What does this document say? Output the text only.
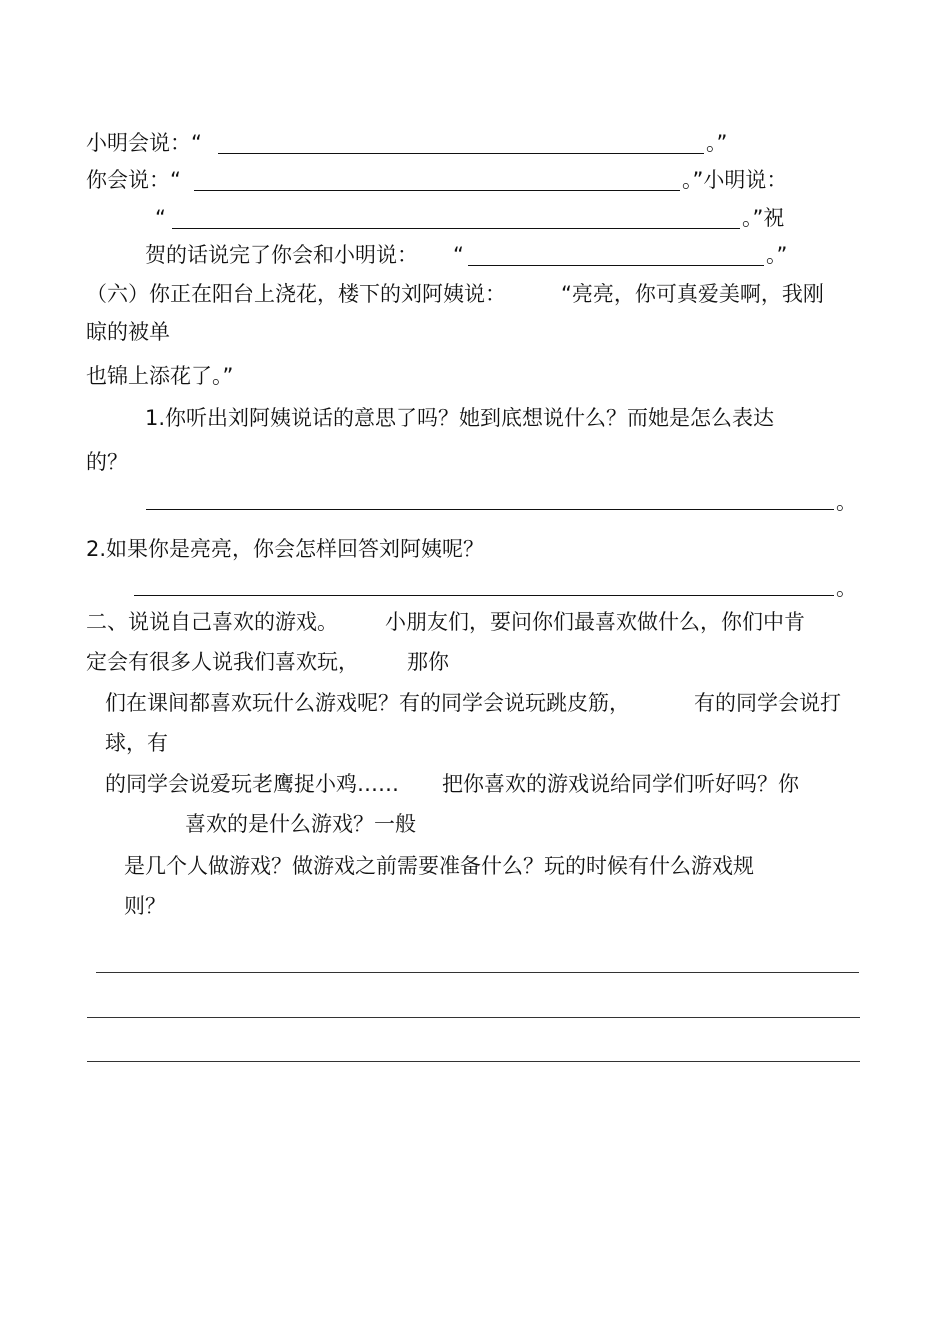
小明会说：“	。”
你会说：“	。”小明说：
“	。”祝
贺的话说完了你会和小明说： “	。”
（六）你正在阳台上浇花，楼下的刘阿姨说：	“亮亮，你可真爱美啊，我刚
晾的被单
也锦上添花了。”
1.你听出刘阿姨说话的意思了吗？她到底想说什么？而她是怎么表达
的？
。
2.如果你是亮亮，你会怎样回答刘阿姨呢？
。
二、说说自己喜欢的游戏。 小朋友们，要问你们最喜欢做什么，你们中肯
定会有很多人说我们喜欢玩， 那你
们在课间都喜欢玩什么游戏呢？有的同学会说玩跳皮筋，	有的同学会说打
球，有
的同学会说爱玩老鹰捉小鸡…… 把你喜欢的游戏说给同学们听好吗？你
喜欢的是什么游戏？一般
是几个人做游戏？做游戏之前需要准备什么？玩的时候有什么游戏规
则？
